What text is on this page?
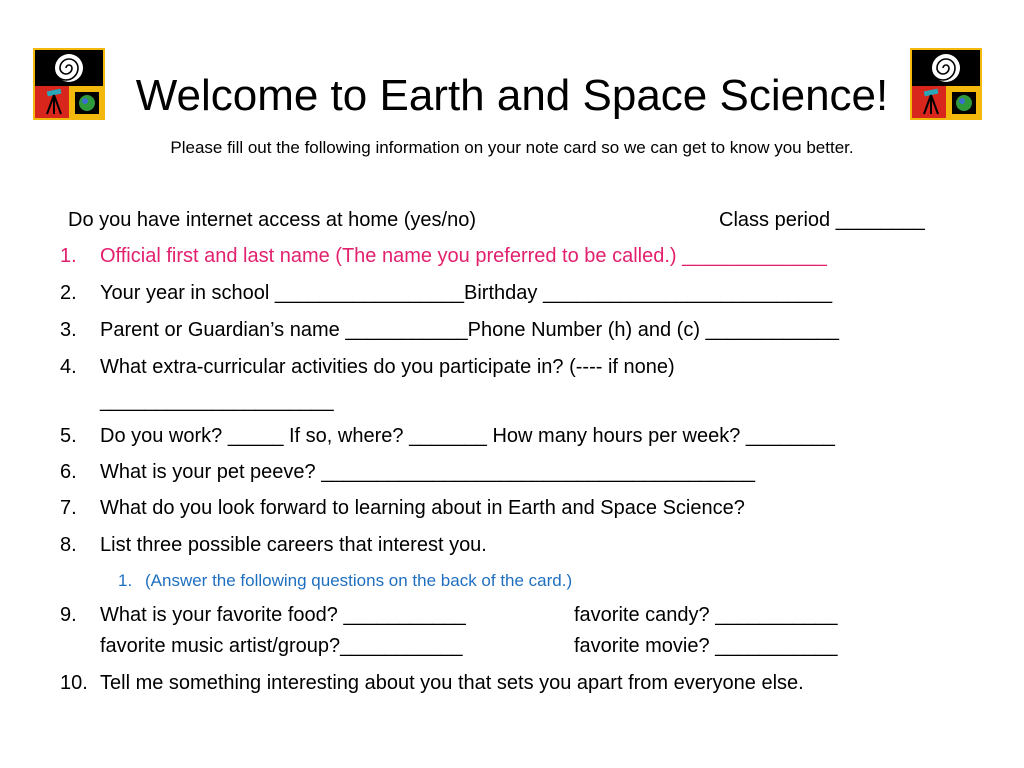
Welcome to Earth and Space Science!
Please fill out the following information on your note card so we can get to know you better.
Do you have internet access at home (yes/no)	Class period ________
1.	Official first and last name (The name you preferred to be called.) _____________
2.	Your year in school _________________Birthday __________________________
3.	Parent or Guardian’s name ___________Phone Number (h) and (c) ____________
4.	What extra-curricular activities do you participate in? (---- if none)
_____________________
5.	Do you work? _____ If so, where? _______ How many hours per week? ________
6.	What is your pet peeve? _______________________________________
7.	What do you look forward to learning about in Earth and Space Science?
8.	List three possible careers that interest you.
1. (Answer the following questions on the back of the card.)
9.	What is your favorite food? ___________	favorite candy? ___________
favorite music artist/group?___________	favorite movie? ___________
10. Tell me something interesting about you that sets you apart from everyone else.
